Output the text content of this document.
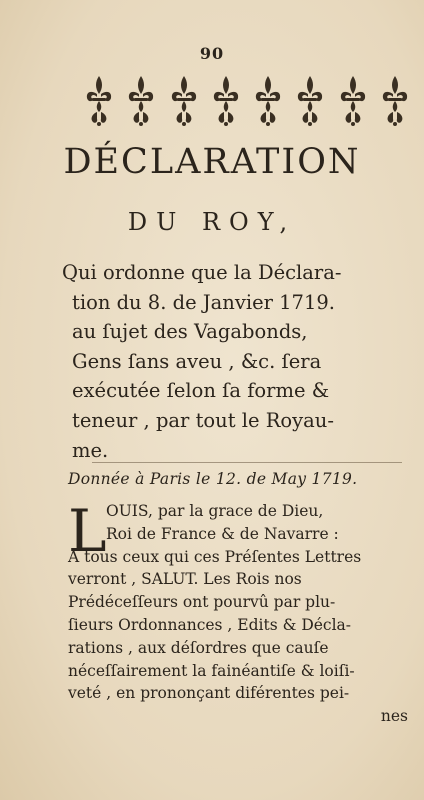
90
DÉCLARATION
DU ROY,
Qui ordonne que la Déclara-
tion du 8. de Janvier 1719.
au ſujet des Vagabonds,
Gens ſans aveu , &c. ſera
exécutée ſelon ſa forme &
teneur , par tout le Royau-
me.
Donnée à Paris le 12. de May 1719.
L OUIS, par la grace de Dieu,
Roi de France & de Navarre :
A tous ceux qui ces Préſentes Lettres
verront , SALUT. Les Rois nos
Prédéceſſeurs ont pourvû par plu-
ſieurs Ordonnances , Edits & Décla-
rations , aux déſordres que cauſe
néceſſairement la fainéantiſe & loiſi-
veté , en prononçant diférentes pei-
nes
